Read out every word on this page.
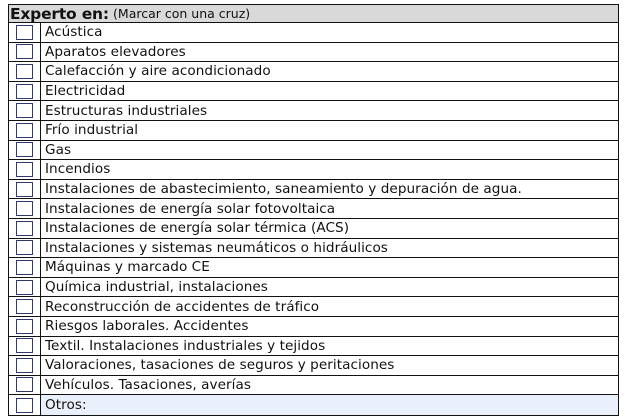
Experto en : (Marcar con una cruz)
Acústica
Aparatos elevadores
Calefacción y aire acondicionado
Electricidad
Estructuras industriales
Frío industrial
Gas
Incendios
Instalaciones de abastecimiento, saneamiento y depuración de agua.
Instalaciones de energía solar fotovoltaica
Instalaciones de energía solar térmica (ACS)
Instalaciones y sistemas neumáticos o hidráulicos
Máquinas y marcado CE
Química industrial, instalaciones
Reconstrucción de accidentes de tráfico
Riesgos laborales. Accidentes
Textil. Instalaciones industriales y tejidos
Valoraciones, tasaciones de seguros y peritaciones
Vehículos. Tasaciones, averías
Otros:
